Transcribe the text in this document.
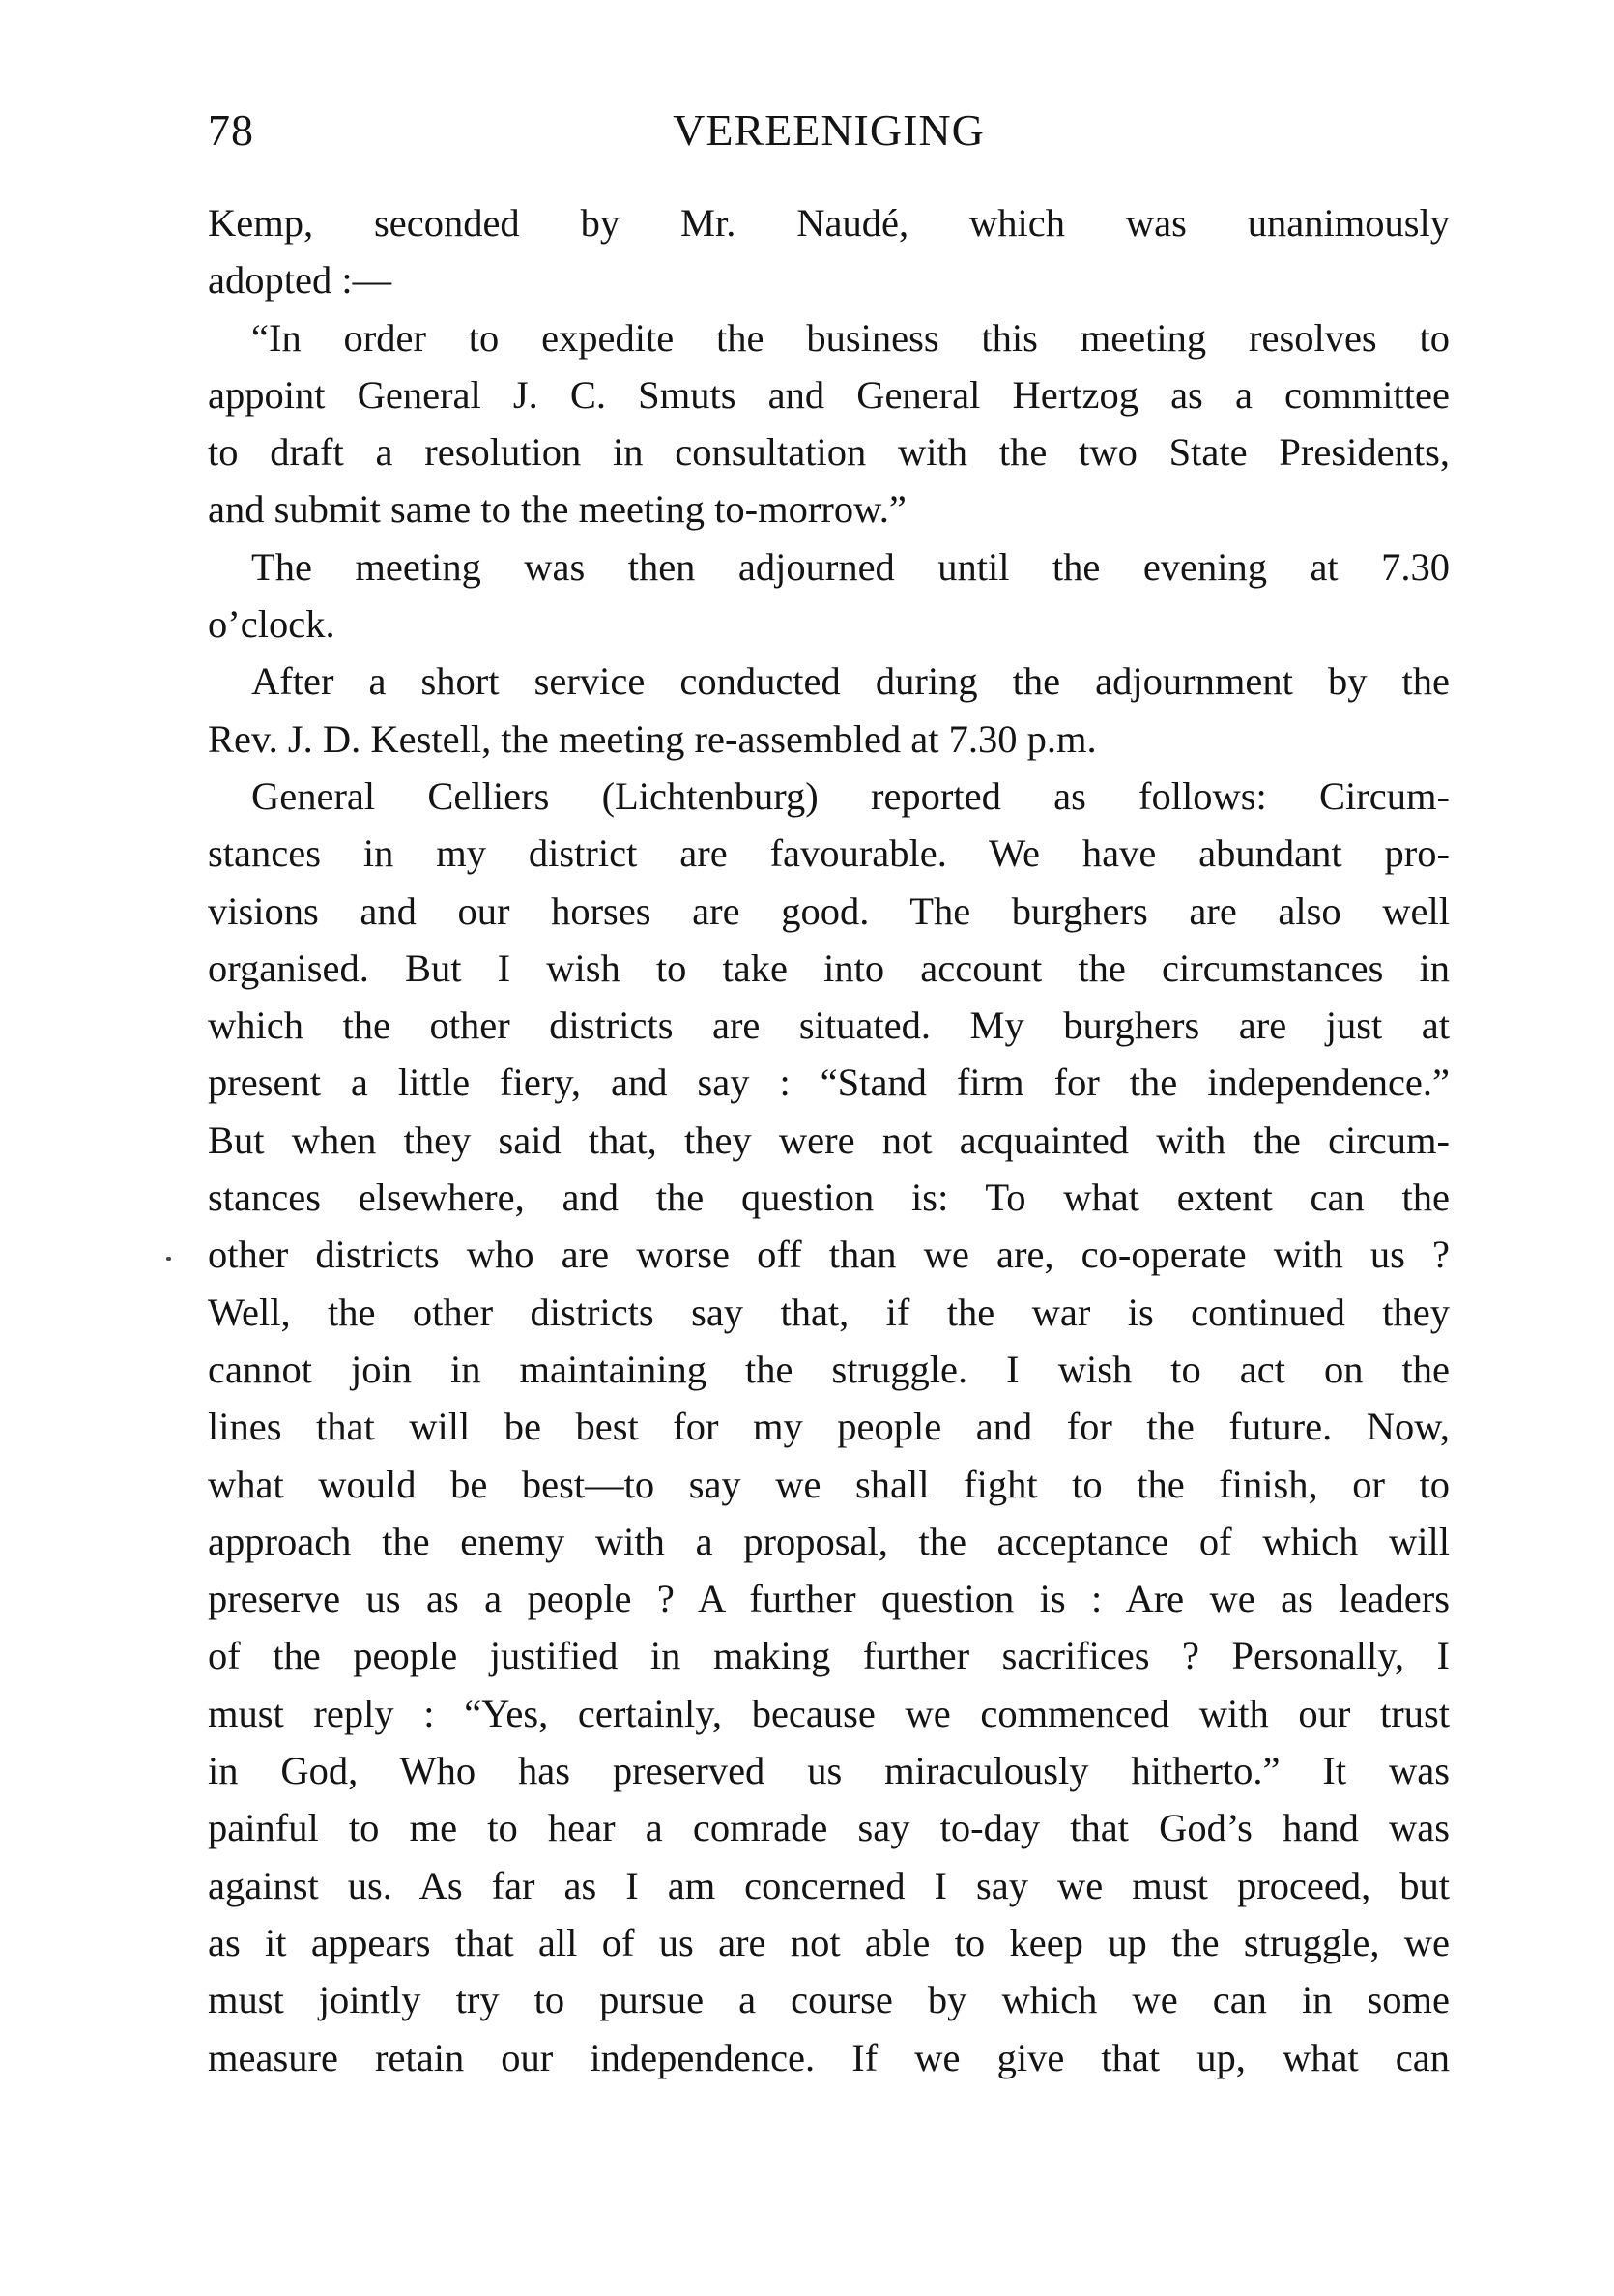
78	VEREENIGING
Kemp, seconded by Mr. Naudé, which was unanimously
adopted :—
“In order to expedite the business this meeting resolves to
appoint General J. C. Smuts and General Hertzog as a committee
to draft a resolution in consultation with the two State Presidents,
and submit same to the meeting to-morrow.”
The meeting was then adjourned until the evening at 7.30
o’clock.
After a short service conducted during the adjournment by the
Rev. J. D. Kestell, the meeting re-assembled at 7.30 p.m.
General Celliers (Lichtenburg) reported as follows: Circum-
stances in my district are favourable. We have abundant pro-
visions and our horses are good. The burghers are also well
organised. But I wish to take into account the circumstances in
which the other districts are situated. My burghers are just at
present a little fiery, and say : “Stand firm for the independence.”
But when they said that, they were not acquainted with the circum-
stances elsewhere, and the question is: To what extent can the
other districts who are worse off than we are, co-operate with us ?
Well, the other districts say that, if the war is continued they
cannot join in maintaining the struggle. I wish to act on the
lines that will be best for my people and for the future. Now,
what would be best—to say we shall fight to the finish, or to
approach the enemy with a proposal, the acceptance of which will
preserve us as a people ? A further question is : Are we as leaders
of the people justified in making further sacrifices ? Personally, I
must reply : “Yes, certainly, because we commenced with our trust
in God, Who has preserved us miraculously hitherto.” It was
painful to me to hear a comrade say to-day that God’s hand was
against us. As far as I am concerned I say we must proceed, but
as it appears that all of us are not able to keep up the struggle, we
must jointly try to pursue a course by which we can in some
measure retain our independence. If we give that up, what can
